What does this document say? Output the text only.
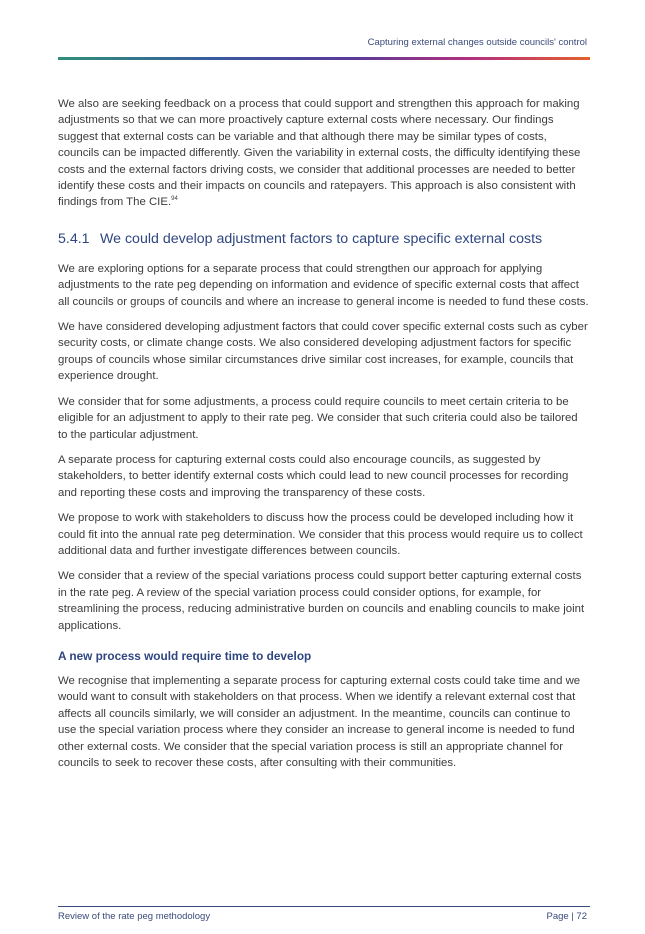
Capturing external changes outside councils' control

We also are seeking feedback on a process that could support and strengthen this approach for making adjustments so that we can more proactively capture external costs where necessary. Our findings suggest that external costs can be variable and that although there may be similar types of costs, councils can be impacted differently. Given the variability in external costs, the difficulty identifying these costs and the external factors driving costs, we consider that additional processes are needed to better identify these costs and their impacts on councils and ratepayers. This approach is also consistent with findings from The CIE.$^{94}$

5.4.1 We could develop adjustment factors to capture specific external costs

We are exploring options for a separate process that could strengthen our approach for applying adjustments to the rate peg depending on information and evidence of specific external costs that affect all councils or groups of councils and where an increase to general income is needed to fund these costs.

We have considered developing adjustment factors that could cover specific external costs such as cyber security costs, or climate change costs. We also considered developing adjustment factors for specific groups of councils whose similar circumstances drive similar cost increases, for example, councils that experience drought.

We consider that for some adjustments, a process could require councils to meet certain criteria to be eligible for an adjustment to apply to their rate peg. We consider that such criteria could also be tailored to the particular adjustment.

A separate process for capturing external costs could also encourage councils, as suggested by stakeholders, to better identify external costs which could lead to new council processes for recording and reporting these costs and improving the transparency of these costs.

We propose to work with stakeholders to discuss how the process could be developed including how it could fit into the annual rate peg determination. We consider that this process would require us to collect additional data and further investigate differences between councils.

We consider that a review of the special variations process could support better capturing external costs in the rate peg. A review of the special variation process could consider options, for example, for streamlining the process, reducing administrative burden on councils and enabling councils to make joint applications.

A new process would require time to develop

We recognise that implementing a separate process for capturing external costs could take time and we would want to consult with stakeholders on that process. When we identify a relevant external cost that affects all councils similarly, we will consider an adjustment. In the meantime, councils can continue to use the special variation process where they consider an increase to general income is needed to fund other external costs. We consider that the special variation process is still an appropriate channel for councils to seek to recover these costs, after consulting with their communities.

Review of the rate peg methodology	Page | 72
